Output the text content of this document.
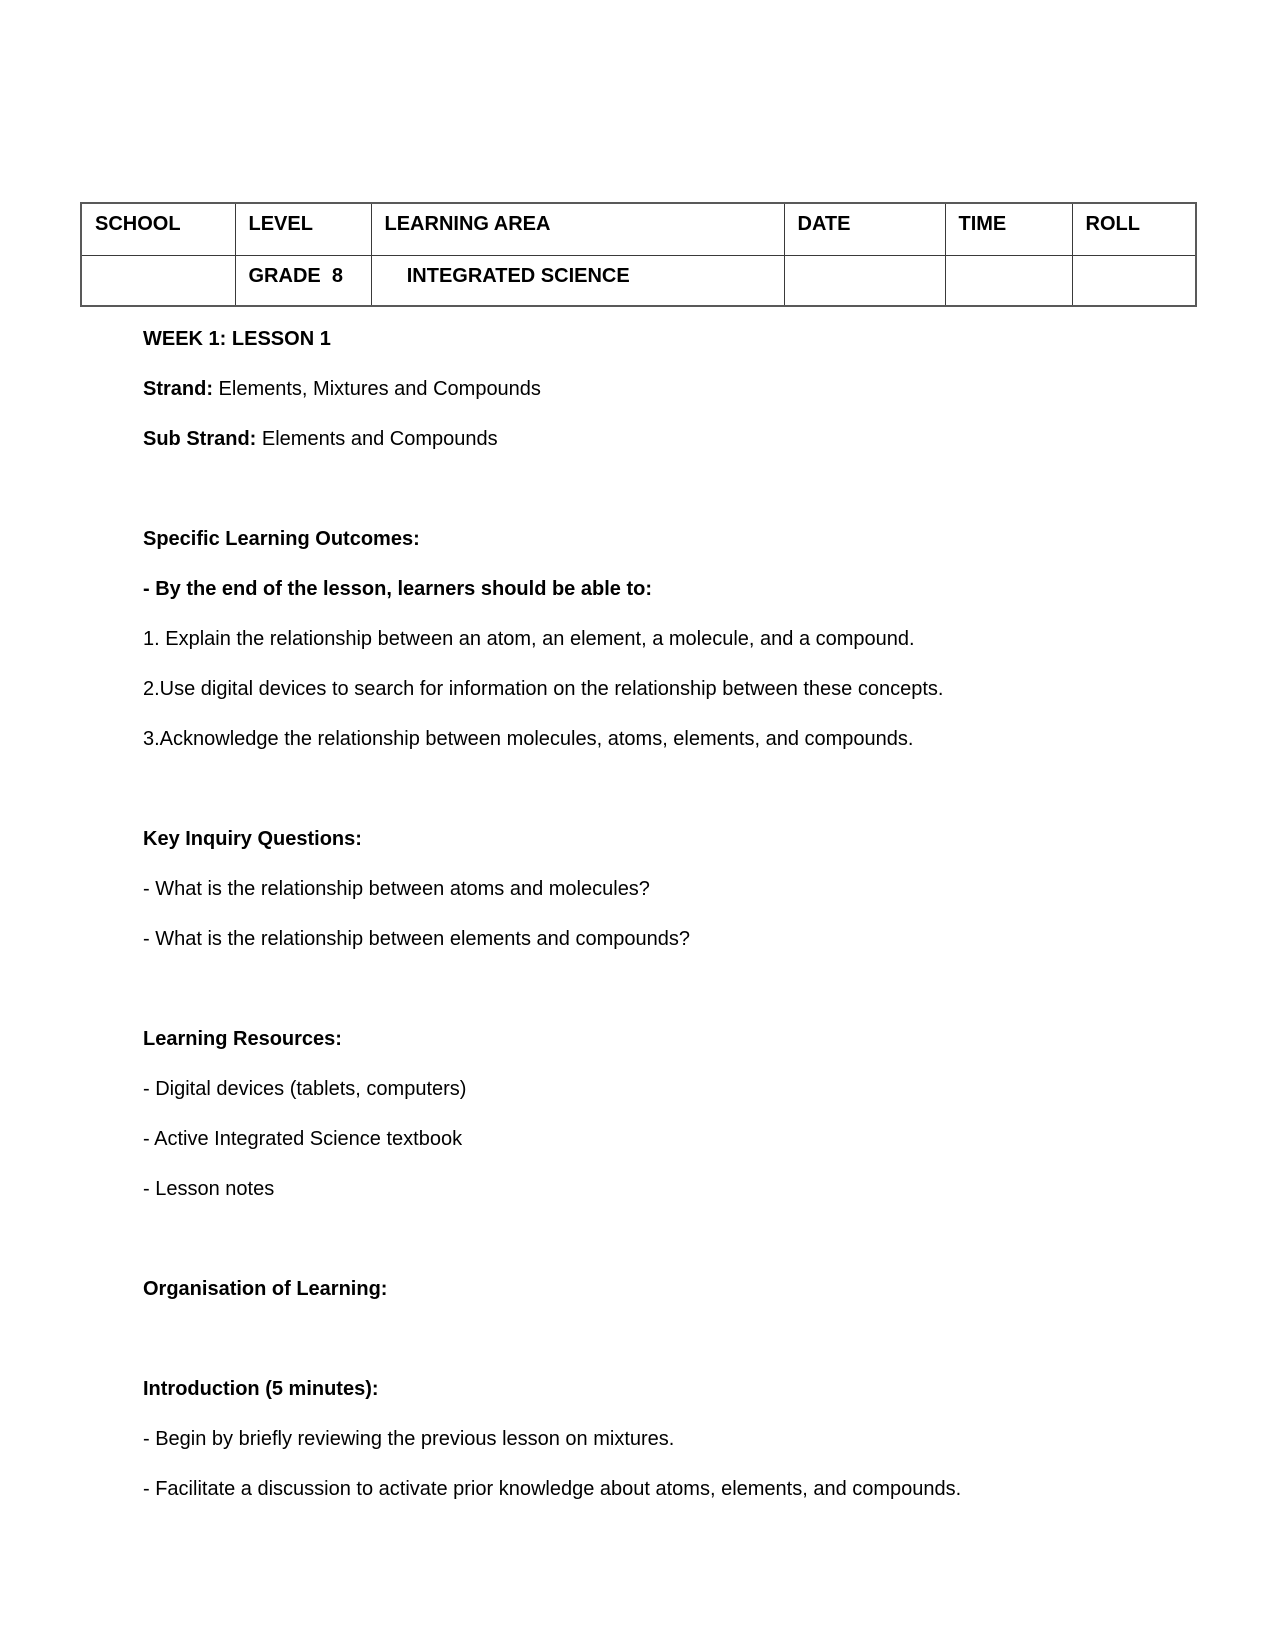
SCHOOL	LEVEL	LEARNING AREA	DATE	TIME	ROLL
	GRADE  8	INTEGRATED SCIENCE			

WEEK 1: LESSON 1

Strand: Elements, Mixtures and Compounds

Sub Strand: Elements and Compounds

Specific Learning Outcomes:

- By the end of the lesson, learners should be able to:

1. Explain the relationship between an atom, an element, a molecule, and a compound.

2.Use digital devices to search for information on the relationship between these concepts.

3.Acknowledge the relationship between molecules, atoms, elements, and compounds.

Key Inquiry Questions:

- What is the relationship between atoms and molecules?

- What is the relationship between elements and compounds?

Learning Resources:

- Digital devices (tablets, computers)

- Active Integrated Science textbook

- Lesson notes

Organisation of Learning:

Introduction (5 minutes):

- Begin by briefly reviewing the previous lesson on mixtures.

- Facilitate a discussion to activate prior knowledge about atoms, elements, and compounds.
